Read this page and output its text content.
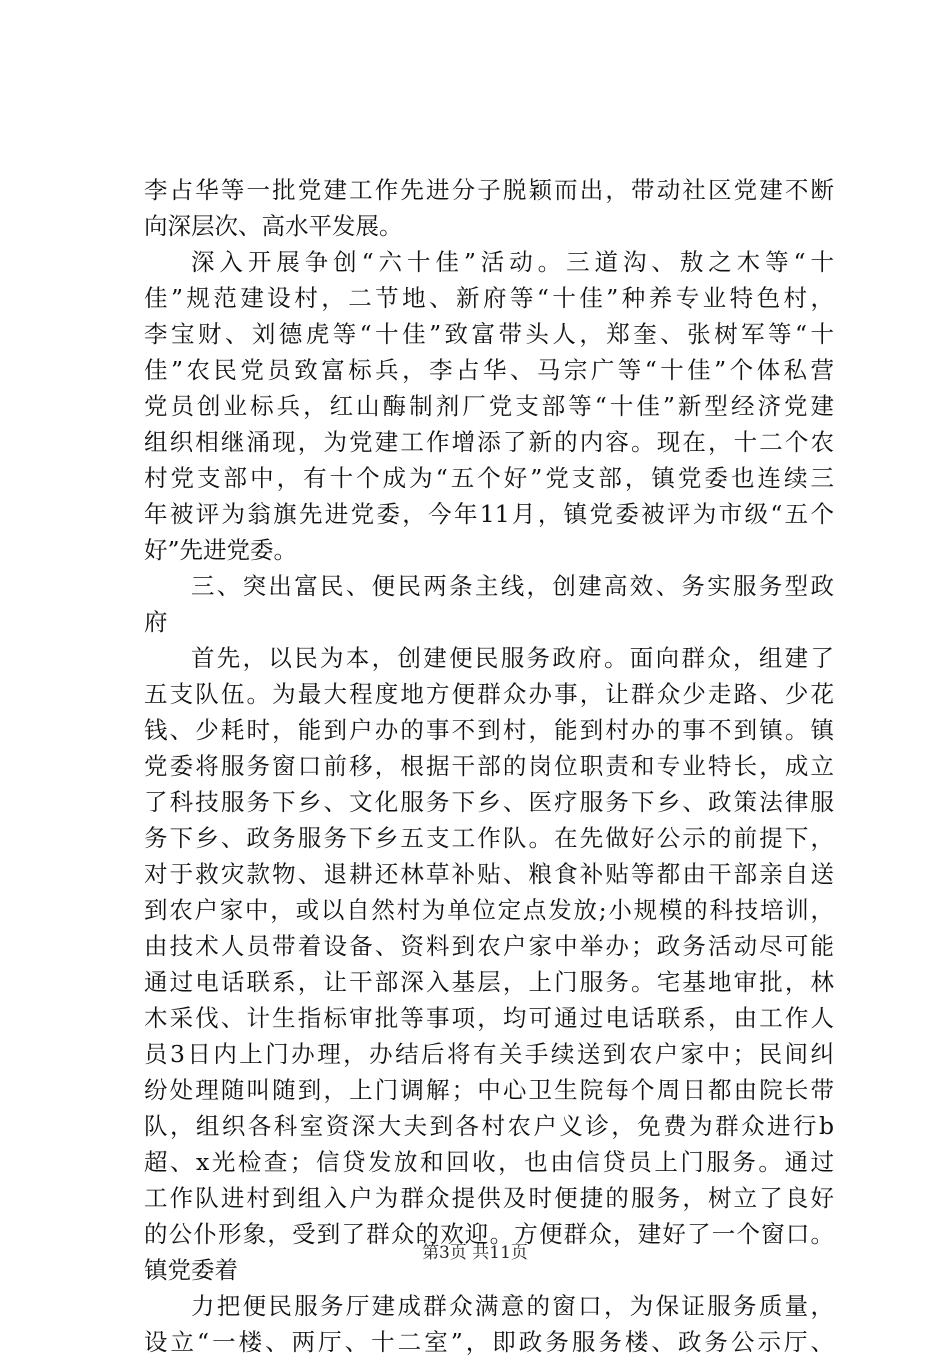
李占华等一批党建工作先进分子脱颖而出，带动社区党建不断
向深层次、高水平发展。
深入开展争创“六十佳”活动。三道沟、敖之木等“十
佳”规范建设村，二节地、新府等“十佳”种养专业特色村，
李宝财、刘德虎等“十佳”致富带头人，郑奎、张树军等“十
佳”农民党员致富标兵，李占华、马宗广等“十佳”个体私营
党员创业标兵，红山酶制剂厂党支部等“十佳”新型经济党建
组织相继涌现，为党建工作增添了新的内容。现在，十二个农
村党支部中，有十个成为“五个好”党支部，镇党委也连续三
年被评为翁旗先进党委，今年11月，镇党委被评为市级“五个
好”先进党委。
三、突出富民、便民两条主线，创建高效、务实服务型政
府
首先，以民为本，创建便民服务政府。面向群众，组建了
五支队伍。为最大程度地方便群众办事，让群众少走路、少花
钱、少耗时，能到户办的事不到村，能到村办的事不到镇。镇
党委将服务窗口前移，根据干部的岗位职责和专业特长，成立
了科技服务下乡、文化服务下乡、医疗服务下乡、政策法律服
务下乡、政务服务下乡五支工作队。在先做好公示的前提下，
对于救灾款物、退耕还林草补贴、粮食补贴等都由干部亲自送
到农户家中，或以自然村为单位定点发放;小规模的科技培训，
由技术人员带着设备、资料到农户家中举办；政务活动尽可能
通过电话联系，让干部深入基层，上门服务。宅基地审批，林
木采伐、计生指标审批等事项，均可通过电话联系，由工作人
员3日内上门办理，办结后将有关手续送到农户家中；民间纠
纷处理随叫随到，上门调解；中心卫生院每个周日都由院长带
队，组织各科室资深大夫到各村农户义诊，免费为群众进行b
超、x光检查；信贷发放和回收，也由信贷员上门服务。通过
工作队进村到组入户为群众提供及时便捷的服务，树立了良好
的公仆形象，受到了群众的欢迎。方便群众，建好了一个窗口。
镇党委着
力把便民服务厅建成群众满意的窗口，为保证服务质量，
设立“一楼、两厅、十二室”，即政务服务楼、政务公示厅、
第3页 共11页
